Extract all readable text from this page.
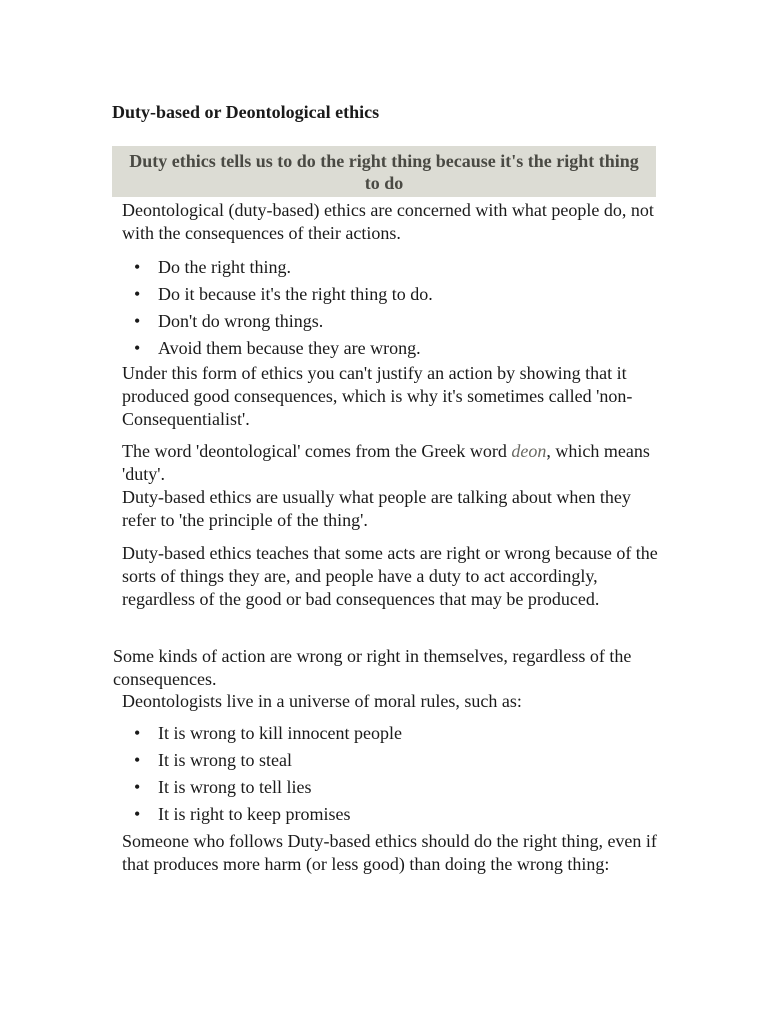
Duty-based or Deontological ethics
Duty ethics tells us to do the right thing because it's the right thing to do

Deontological (duty-based) ethics are concerned with what people do, not with the consequences of their actions.

• Do the right thing.
• Do it because it's the right thing to do.
• Don't do wrong things.
• Avoid them because they are wrong.

Under this form of ethics you can't justify an action by showing that it produced good consequences, which is why it's sometimes called 'non-Consequentialist'.

The word 'deontological' comes from the Greek word deon, which means 'duty'.

Duty-based ethics are usually what people are talking about when they refer to 'the principle of the thing'.

Duty-based ethics teaches that some acts are right or wrong because of the sorts of things they are, and people have a duty to act accordingly, regardless of the good or bad consequences that may be produced.

Some kinds of action are wrong or right in themselves, regardless of the consequences.

Deontologists live in a universe of moral rules, such as:

• It is wrong to kill innocent people
• It is wrong to steal
• It is wrong to tell lies
• It is right to keep promises

Someone who follows Duty-based ethics should do the right thing, even if that produces more harm (or less good) than doing the wrong thing:
